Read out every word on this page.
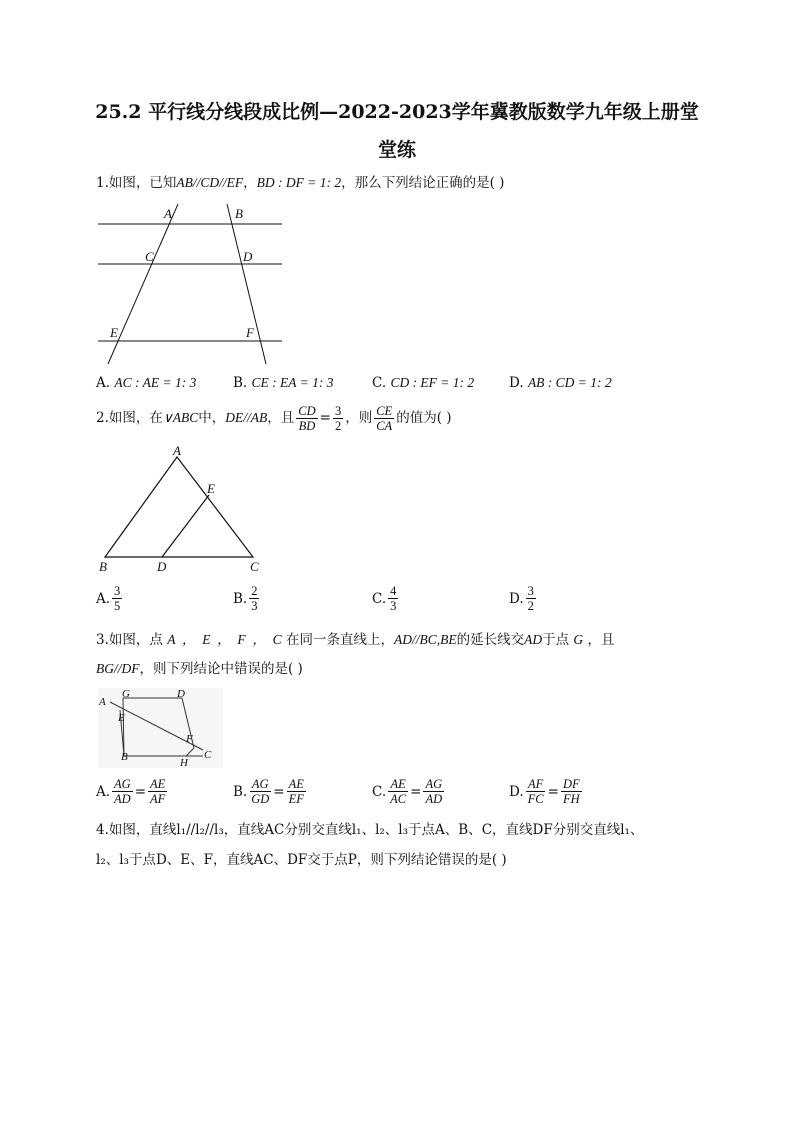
25.2 平行线分线段成比例—2022-2023学年冀教版数学九年级上册堂
堂练
1.如图，已知AB//CD//EF，BD : DF = 1: 2，那么下列结论正确的是( )
A	B
C	D
E	F
A. AC : AE = 1: 3	B. CE : EA = 1: 3	C. CD : EF = 1: 2	D. AB : CD = 1: 2
2.如图，在 ∨ABC 中， DE//AB ，且 $\frac{CD}{BD} = \frac{3}{2}$ ，则 $\frac{CE}{CA}$ 的值为( )
A
B	D	C
E
A. $\frac{3}{5}$	B. $\frac{2}{3}$	C. $\frac{4}{3}$	D. $\frac{3}{2}$
3.如图，点 A  ，  E  ，  F  ，  C 在同一条直线上，AD//BC,BE的延长线交AD于点 G ，且
BG//DF，则下列结论中错误的是( )
A
G	D
E
F
B	H
C
A. $\frac{AG}{AD} = \frac{AE}{AF}$	B. $\frac{AG}{GD} = \frac{AE}{EF}$	C. $\frac{AE}{AC} = \frac{AG}{AD}$	D. $\frac{AF}{FC} = \frac{DF}{FH}$
4.如图，直线l₁//l₂//l₃，直线AC分别交直线l₁、l₂、l₃于点A、B、C，直线DF分别交直线l₁、
l₂、l₃于点D、E、F，直线AC、DF交于点P，则下列结论错误的是( )
